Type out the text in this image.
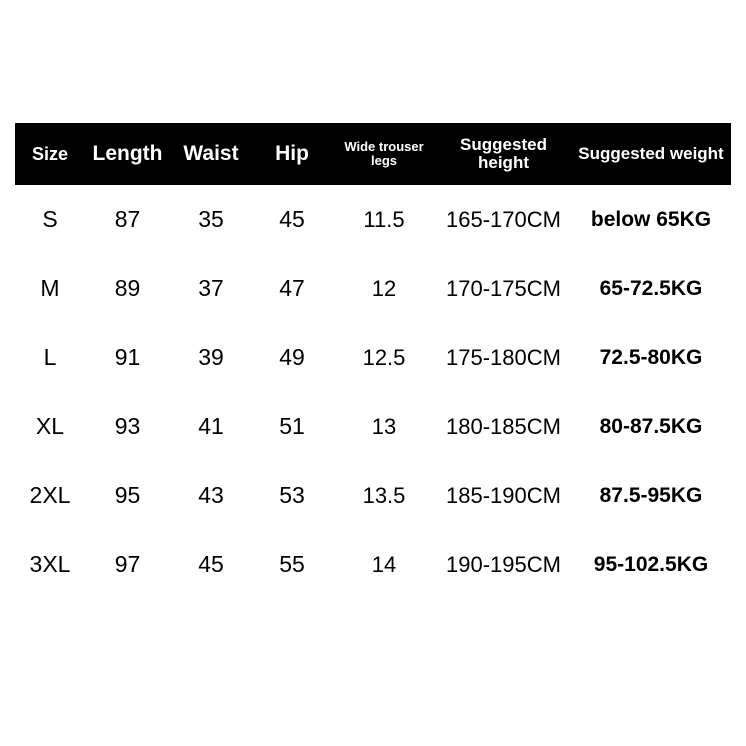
Size	Length	Waist	Hip	Wide trouser
legs	Suggested height	Suggested weight
S	87	35	45	11.5	165-170CM	below 65KG
M	89	37	47	12	170-175CM	65-72.5KG
L	91	39	49	12.5	175-180CM	72.5-80KG
XL	93	41	51	13	180-185CM	80-87.5KG
2XL	95	43	53	13.5	185-190CM	87.5-95KG
3XL	97	45	55	14	190-195CM	95-102.5KG
